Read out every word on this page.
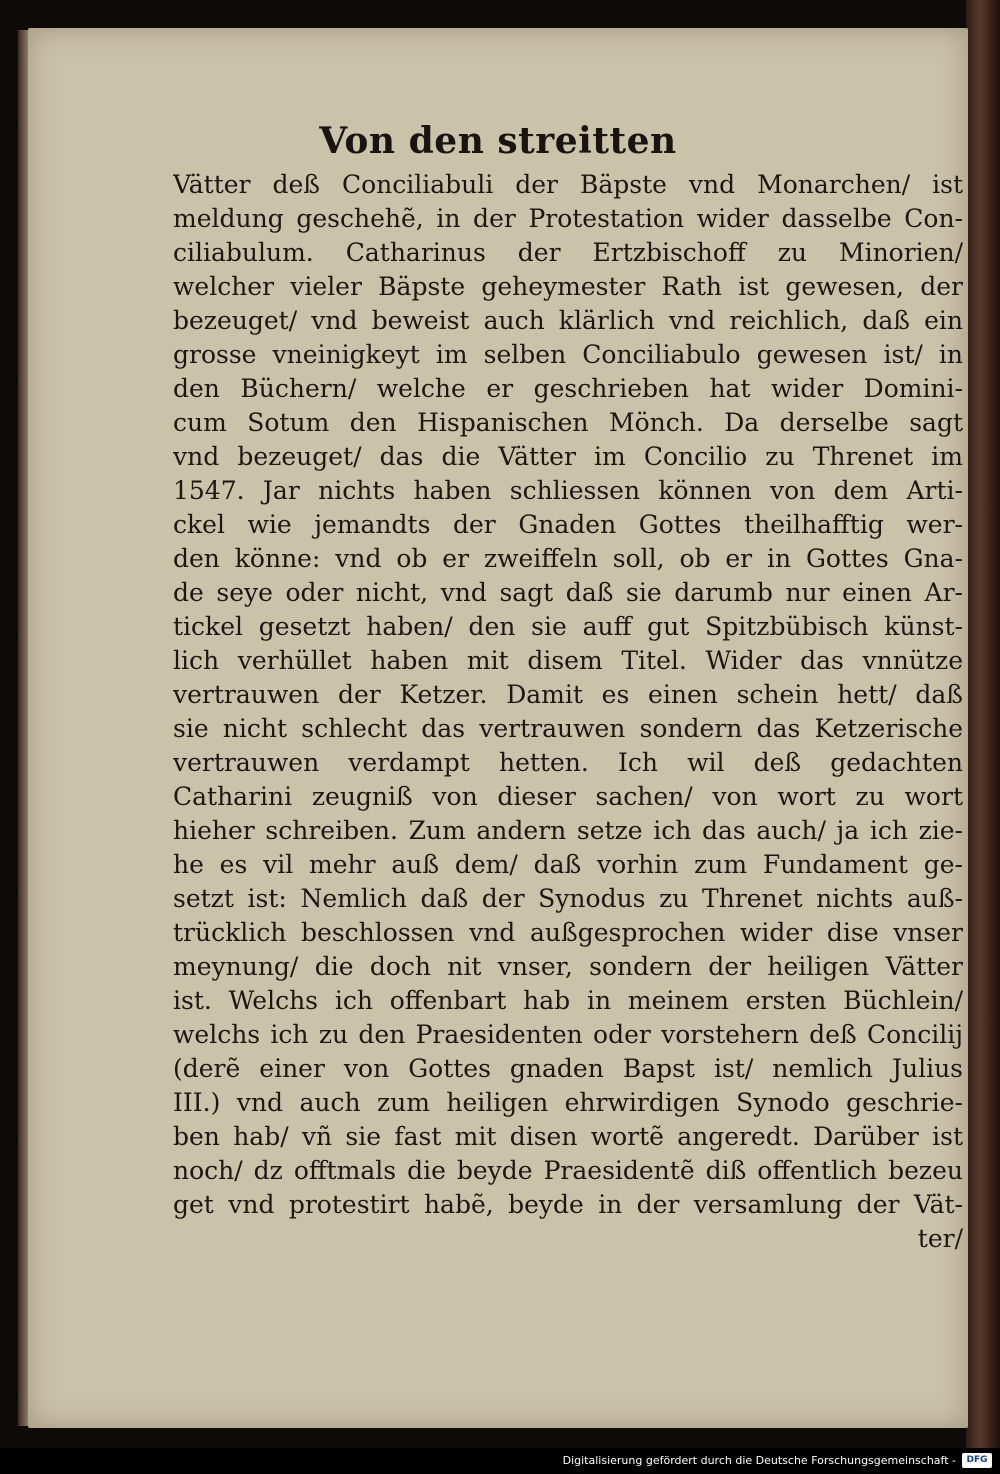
Von den streitten
Vätter deß Conciliabuli der Bäpste vnd Monarchen/ ist
meldung geschehẽ, in der Protestation wider dasselbe Con-
ciliabulum. Catharinus der Ertzbischoff zu Minorien/
welcher vieler Bäpste geheymester Rath ist gewesen, der
bezeuget/ vnd beweist auch klärlich vnd reichlich, daß ein
grosse vneinigkeyt im selben Conciliabulo gewesen ist/ in
den Büchern/ welche er geschrieben hat wider Domini-
cum Sotum den Hispanischen Mönch. Da derselbe sagt
vnd bezeuget/ das die Vätter im Concilio zu Threnet im
1547. Jar nichts haben schliessen können von dem Arti-
ckel wie jemandts der Gnaden Gottes theilhafftig wer-
den könne: vnd ob er zweiffeln soll, ob er in Gottes Gna-
de seye oder nicht, vnd sagt daß sie darumb nur einen Ar-
tickel gesetzt haben/ den sie auff gut Spitzbübisch künst-
lich verhüllet haben mit disem Titel. Wider das vnnütze
vertrauwen der Ketzer. Damit es einen schein hett/ daß
sie nicht schlecht das vertrauwen sondern das Ketzerische
vertrauwen verdampt hetten. Ich wil deß gedachten
Catharini zeugniß von dieser sachen/ von wort zu wort
hieher schreiben. Zum andern setze ich das auch/ ja ich zie-
he es vil mehr auß dem/ daß vorhin zum Fundament ge-
setzt ist: Nemlich daß der Synodus zu Threnet nichts auß-
trücklich beschlossen vnd außgesprochen wider dise vnser
meynung/ die doch nit vnser, sondern der heiligen Vätter
ist. Welchs ich offenbart hab in meinem ersten Büchlein/
welchs ich zu den Praesidenten oder vorstehern deß Concilij
(derẽ einer von Gottes gnaden Bapst ist/ nemlich Julius
III.) vnd auch zum heiligen ehrwirdigen Synodo geschrie-
ben hab/ vñ sie fast mit disen wortẽ angeredt. Darüber ist
noch/ dz offtmals die beyde Praesidentẽ diß offentlich bezeu
get vnd protestirt habẽ, beyde in der versamlung der Vät-
ter/
Digitalisierung gefördert durch die Deutsche Forschungsgemeinschaft -	DFG
